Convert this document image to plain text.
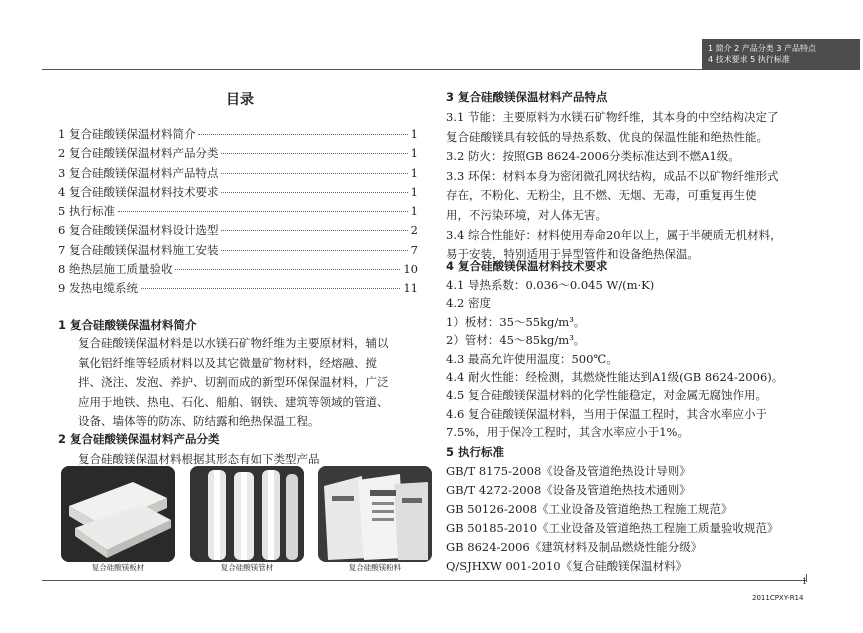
1 简介 2 产品分类 3 产品特点
4 技术要求 5 执行标准
目录
1 复合硅酸镁保温材料简介	1
2 复合硅酸镁保温材料产品分类	1
3 复合硅酸镁保温材料产品特点	1
4 复合硅酸镁保温材料技术要求	1
5 执行标准	1
6 复合硅酸镁保温材料设计选型	2
7 复合硅酸镁保温材料施工安装	7
8 绝热层施工质量验收	10
9 发热电缆系统	11
1 复合硅酸镁保温材料简介
复合硅酸镁保温材料是以水镁石矿物纤维为主要原材料，辅以
氧化铝纤维等轻质材料以及其它微量矿物材料，经熔融、搅
拌、浇注、发泡、养护、切割而成的新型环保保温材料，广泛
应用于地铁、热电、石化、船舶、钢铁、建筑等领域的管道、
设备、墙体等的防冻、防结露和绝热保温工程。
2 复合硅酸镁保温材料产品分类
复合硅酸镁保温材料根据其形态有如下类型产品
复合硅酸镁板材	复合硅酸镁管材	复合硅酸镁粉料
3 复合硅酸镁保温材料产品特点
3.1 节能：主要原料为水镁石矿物纤维，其本身的中空结构决定了
复合硅酸镁具有较低的导热系数、优良的保温性能和绝热性能。
3.2 防火：按照GB 8624-2006分类标准达到不燃A1级。
3.3 环保：材料本身为密闭微孔网状结构，成品不以矿物纤维形式
存在，不粉化、无粉尘，且不燃、无烟、无毒，可重复再生使
用，不污染环境，对人体无害。
3.4 综合性能好：材料使用寿命20年以上，属于半硬质无机材料，
易于安装，特别适用于异型管件和设备绝热保温。
4 复合硅酸镁保温材料技术要求
4.1 导热系数：0.036～0.045 W/(m·K)
4.2 密度
1）板材：35～55kg/m³。
2）管材：45～85kg/m³。
4.3 最高允许使用温度：500℃。
4.4 耐火性能：经检测，其燃烧性能达到A1级(GB 8624-2006)。
4.5 复合硅酸镁保温材料的化学性能稳定，对金属无腐蚀作用。
4.6 复合硅酸镁保温材料，当用于保温工程时，其含水率应小于
7.5%，用于保冷工程时，其含水率应小于1%。
5 执行标准
GB/T 8175-2008《设备及管道绝热设计导则》
GB/T 4272-2008《设备及管道绝热技术通则》
GB 50126-2008《工业设备及管道绝热工程施工规范》
GB 50185-2010《工业设备及管道绝热工程施工质量验收规范》
GB 8624-2006《建筑材料及制品燃烧性能分级》
Q/SJHXW 001-2010《复合硅酸镁保温材料》
1
2011CPXY-R14
